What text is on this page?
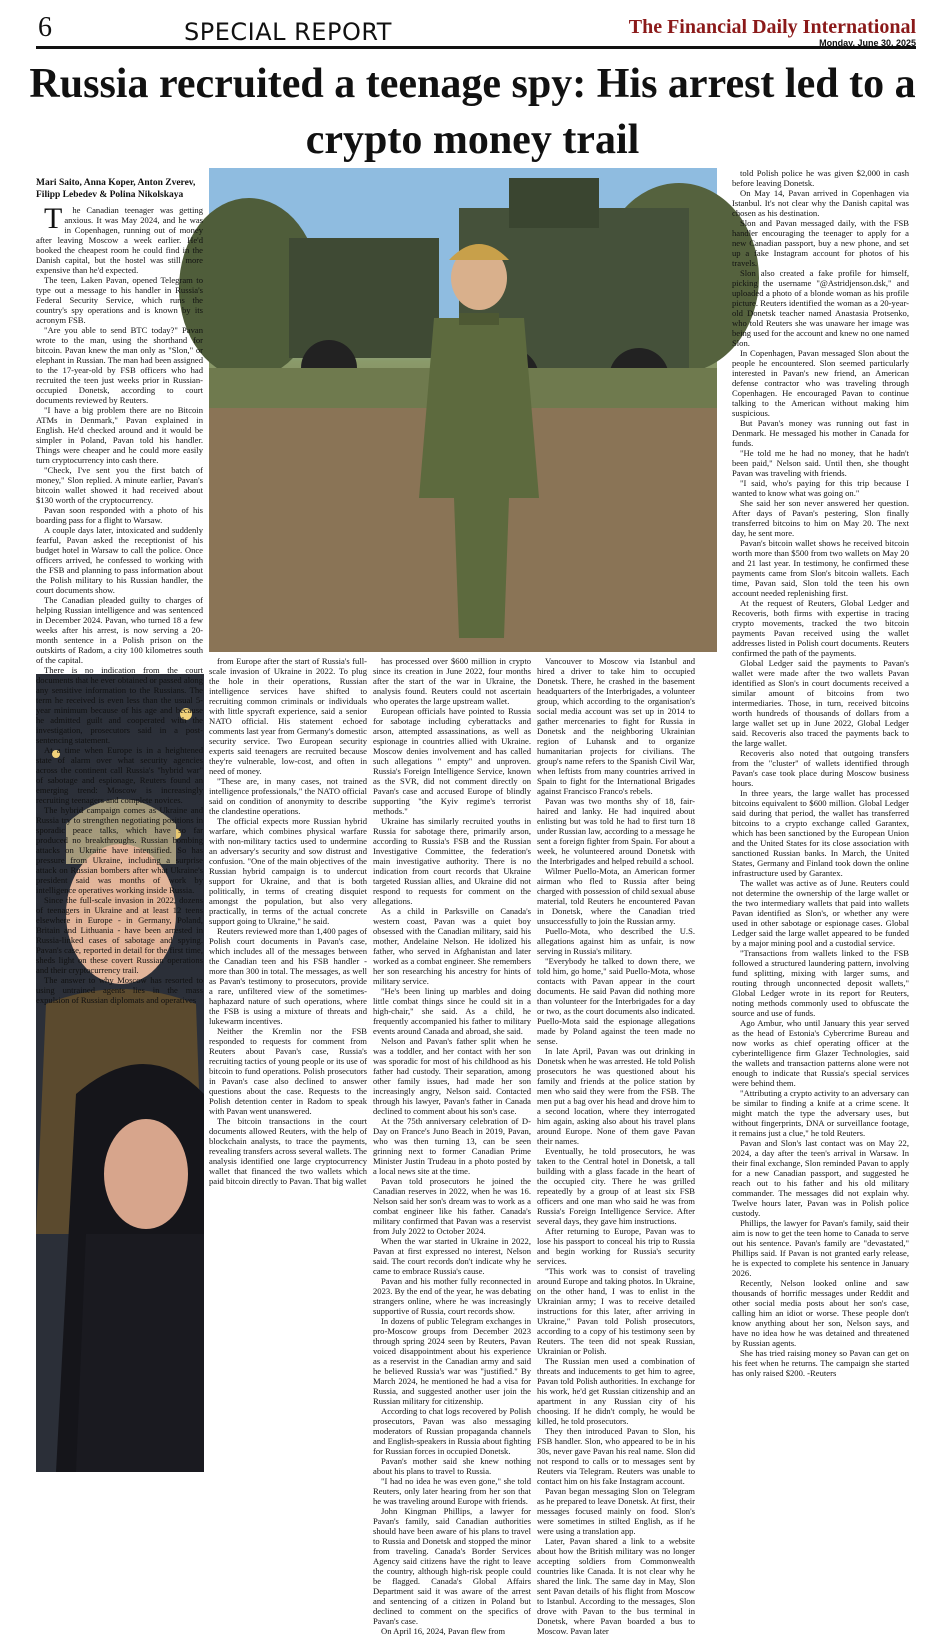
6	SPECIAL REPORT	The Financial Daily International
Monday, June 30, 2025
Russia recruited a teenage spy: His arrest led to a crypto money trail
Mari Saito, Anna Koper, Anton Zverev, Filipp Lebedev & Polina Nikolskaya

The Canadian teenager was getting anxious. It was May 2024, and he was in Copenhagen, running out of money after leaving Moscow a week earlier. He'd booked the cheapest room he could find in the Danish capital, but the hostel was still more expensive than he'd expected.

The teen, Laken Pavan, opened Telegram to type out a message to his handler in Russia's Federal Security Service, which runs the country's spy operations and is known by its acronym FSB.

"Are you able to send BTC today?" Pavan wrote to the man, using the shorthand for bitcoin. Pavan knew the man only as "Slon," or elephant in Russian. The man had been assigned to the 17-year-old by FSB officers who had recruited the teen just weeks prior in Russian-occupied Donetsk, according to court documents reviewed by Reuters.

"I have a big problem there are no Bitcoin ATMs in Denmark," Pavan explained in English. He'd checked around and it would be simpler in Poland, Pavan told his handler. Things were cheaper and he could more easily turn cryptocurrency into cash there.

"Check, I've sent you the first batch of money," Slon replied. A minute earlier, Pavan's bitcoin wallet showed it had received about $130 worth of the cryptocurrency.

Pavan soon responded with a photo of his boarding pass for a flight to Warsaw.

A couple days later, intoxicated and suddenly fearful, Pavan asked the receptionist of his budget hotel in Warsaw to call the police. Once officers arrived, he confessed to working with the FSB and planning to pass information about the Polish military to his Russian handler, the court documents show.

The Canadian pleaded guilty to charges of helping Russian intelligence and was sentenced in December 2024. Pavan, who turned 18 a few weeks after his arrest, is now serving a 20-month sentence in a Polish prison on the outskirts of Radom, a city 100 kilometres south of the capital.

There is no indication from the court documents that he ever obtained or passed along any sensitive information to the Russians. The term he received is even less than the usual 5-year minimum because of his age and because he admitted guilt and cooperated with the investigation, prosecutors said in a post-sentencing statement.

At a time when Europe is in a heightened state of alarm over what security agencies across the continent call Russia's "hybrid war" of sabotage and espionage, Reuters found an emerging trend: Moscow is increasingly recruiting teenagers and complete novices.

The hybrid campaign comes as Ukraine and Russia try to strengthen negotiating positions in sporadic peace talks, which have so far produced no breakthroughs. Russian bombing attacks on Ukraine have intensified. So has pressure from Ukraine, including a surprise attack on Russian bombers after what Ukraine's president said was months of work by intelligence operatives working inside Russia.

Since the full-scale invasion in 2022, dozens of teenagers in Ukraine and at least 12 teens elsewhere in Europe - in Germany, Poland, Britain and Lithuania - have been arrested in Russia-linked cases of sabotage and spying. Pavan's case, reported in detail for the first time, sheds light on these covert Russian operations and their cryptocurrency trail.

The answer to why Moscow has resorted to using untrained agents lies in the mass expulsion of Russian diplomats and operatives

from Europe after the start of Russia's full-scale invasion of Ukraine in 2022. To plug the hole in their operations, Russian intelligence services have shifted to recruiting common criminals or individuals with little spycraft experience, said a senior NATO official. His statement echoed comments last year from Germany's domestic security service. Two European security experts said teenagers are recruited because they're vulnerable, low-cost, and often in need of money.

"These are, in many cases, not trained intelligence professionals," the NATO official said on condition of anonymity to describe the clandestine operations.

The official expects more Russian hybrid warfare, which combines physical warfare with non-military tactics used to undermine an adversary's security and sow distrust and confusion. "One of the main objectives of the Russian hybrid campaign is to undercut support for Ukraine, and that is both politically, in terms of creating disquiet amongst the population, but also very practically, in terms of the actual concrete support going to Ukraine," he said.

Reuters reviewed more than 1,400 pages of Polish court documents in Pavan's case, which includes all of the messages between the Canadian teen and his FSB handler - more than 300 in total. The messages, as well as Pavan's testimony to prosecutors, provide a rare, unfiltered view of the sometimes-haphazard nature of such operations, where the FSB is using a mixture of threats and lukewarm incentives.

Neither the Kremlin nor the FSB responded to requests for comment from Reuters about Pavan's case, Russia's recruiting tactics of young people or its use of bitcoin to fund operations. Polish prosecutors in Pavan's case also declined to answer questions about the case. Requests to the Polish detention center in Radom to speak with Pavan went unanswered.

The bitcoin transactions in the court documents allowed Reuters, with the help of blockchain analysts, to trace the payments, revealing transfers across several wallets. The analysis identified one large cryptocurrency wallet that financed the two wallets which paid bitcoin directly to Pavan. That big wallet

has processed over $600 million in crypto since its creation in June 2022, four months after the start of the war in Ukraine, the analysis found. Reuters could not ascertain who operates the large upstream wallet.

European officials have pointed to Russia for sabotage including cyberattacks and arson, attempted assassinations, as well as espionage in countries allied with Ukraine. Moscow denies involvement and has called such allegations " empty" and unproven. Russia's Foreign Intelligence Service, known as the SVR, did not comment directly on Pavan's case and accused Europe of blindly supporting "the Kyiv regime's terrorist methods."

Ukraine has similarly recruited youths in Russia for sabotage there, primarily arson, according to Russia's FSB and the Russian Investigative Committee, the federation's main investigative authority. There is no indication from court records that Ukraine targeted Russian allies, and Ukraine did not respond to requests for comment on the allegations.

As a child in Parksville on Canada's western coast, Pavan was a quiet boy obsessed with the Canadian military, said his mother, Andelaine Nelson. He idolized his father, who served in Afghanistan and later worked as a combat engineer. She remembers her son researching his ancestry for hints of military service.

"He's been lining up marbles and doing little combat things since he could sit in a high-chair," she said. As a child, he frequently accompanied his father to military events around Canada and abroad, she said.

Nelson and Pavan's father split when he was a toddler, and her contact with her son was sporadic for most of his childhood as his father had custody. Their separation, among other family issues, had made her son increasingly angry, Nelson said. Contacted through his lawyer, Pavan's father in Canada declined to comment about his son's case.

At the 75th anniversary celebration of D-Day on France's Juno Beach in 2019, Pavan, who was then turning 13, can be seen grinning next to former Canadian Prime Minister Justin Trudeau in a photo posted by a local news site at the time.

Pavan told prosecutors he joined the Canadian reserves in 2022, when he was 16. Nelson said her son's dream was to work as a combat engineer like his father. Canada's military confirmed that Pavan was a reservist from July 2022 to October 2024.

When the war started in Ukraine in 2022, Pavan at first expressed no interest, Nelson said. The court records don't indicate why he came to embrace Russia's cause.

Pavan and his mother fully reconnected in 2023. By the end of the year, he was debating strangers online, where he was increasingly supportive of Russia, court records show.

In dozens of public Telegram exchanges in pro-Moscow groups from December 2023 through spring 2024 seen by Reuters, Pavan voiced disappointment about his experience as a reservist in the Canadian army and said he believed Russia's war was "justified." By March 2024, he mentioned he had a visa for Russia, and suggested another user join the Russian military for citizenship.

According to chat logs recovered by Polish prosecutors, Pavan was also messaging moderators of Russian propaganda channels and English-speakers in Russia about fighting for Russian forces in occupied Donetsk.

Pavan's mother said she knew nothing about his plans to travel to Russia.

"I had no idea he was even gone," she told Reuters, only later hearing from her son that he was traveling around Europe with friends.

John Kingman Phillips, a lawyer for Pavan's family, said Canadian authorities should have been aware of his plans to travel to Russia and Donetsk and stopped the minor from traveling. Canada's Border Services Agency said citizens have the right to leave the country, although high-risk people could be flagged. Canada's Global Affairs Department said it was aware of the arrest and sentencing of a citizen in Poland but declined to comment on the specifics of Pavan's case.

On April 16, 2024, Pavan flew from

Vancouver to Moscow via Istanbul and hired a driver to take him to occupied Donetsk. There, he crashed in the basement headquarters of the Interbrigades, a volunteer group, which according to the organisation's social media account was set up in 2014 to gather mercenaries to fight for Russia in Donetsk and the neighboring Ukrainian region of Luhansk and to organize humanitarian projects for civilians. The group's name refers to the Spanish Civil War, when leftists from many countries arrived in Spain to fight for the International Brigades against Francisco Franco's rebels.

Pavan was two months shy of 18, fair-haired and lanky. He had inquired about enlisting but was told he had to first turn 18 under Russian law, according to a message he sent a foreign fighter from Spain. For about a week, he volunteered around Donetsk with the Interbrigades and helped rebuild a school.

Wilmer Puello-Mota, an American former airman who fled to Russia after being charged with possession of child sexual abuse material, told Reuters he encountered Pavan in Donetsk, where the Canadian tried unsuccessfully to join the Russian army.

Puello-Mota, who described the U.S. allegations against him as unfair, is now serving in Russia's military.

"Everybody he talked to down there, we told him, go home," said Puello-Mota, whose contacts with Pavan appear in the court documents. He said Pavan did nothing more than volunteer for the Interbrigades for a day or two, as the court documents also indicated. Puello-Mota said the espionage allegations made by Poland against the teen made no sense.

In late April, Pavan was out drinking in Donetsk when he was arrested. He told Polish prosecutors he was questioned about his family and friends at the police station by men who said they were from the FSB. The men put a bag over his head and drove him to a second location, where they interrogated him again, asking also about his travel plans around Europe. None of them gave Pavan their names.

Eventually, he told prosecutors, he was taken to the Central hotel in Donetsk, a tall building with a glass facade in the heart of the occupied city. There he was grilled repeatedly by a group of at least six FSB officers and one man who said he was from Russia's Foreign Intelligence Service. After several days, they gave him instructions.

After returning to Europe, Pavan was to lose his passport to conceal his trip to Russia and begin working for Russia's security services.

"This work was to consist of traveling around Europe and taking photos. In Ukraine, on the other hand, I was to enlist in the Ukrainian army; I was to receive detailed instructions for this later, after arriving in Ukraine," Pavan told Polish prosecutors, according to a copy of his testimony seen by Reuters. The teen did not speak Russian, Ukrainian or Polish.

The Russian men used a combination of threats and inducements to get him to agree, Pavan told Polish authorities. In exchange for his work, he'd get Russian citizenship and an apartment in any Russian city of his choosing. If he didn't comply, he would be killed, he told prosecutors.

They then introduced Pavan to Slon, his FSB handler. Slon, who appeared to be in his 30s, never gave Pavan his real name. Slon did not respond to calls or to messages sent by Reuters via Telegram. Reuters was unable to contact him on his fake Instagram account.

Pavan began messaging Slon on Telegram as he prepared to leave Donetsk. At first, their messages focused mainly on food. Slon's were sometimes in stilted English, as if he were using a translation app.

Later, Pavan shared a link to a website about how the British military was no longer accepting soldiers from Commonwealth countries like Canada. It is not clear why he shared the link. The same day in May, Slon sent Pavan details of his flight from Moscow to Istanbul. According to the messages, Slon drove with Pavan to the bus terminal in Donetsk, where Pavan boarded a bus to Moscow. Pavan later

told Polish police he was given $2,000 in cash before leaving Donetsk.

On May 14, Pavan arrived in Copenhagen via Istanbul. It's not clear why the Danish capital was chosen as his destination.

Slon and Pavan messaged daily, with the FSB handler encouraging the teenager to apply for a new Canadian passport, buy a new phone, and set up a fake Instagram account for photos of his travels.

Slon also created a fake profile for himself, picking the username "@Astridjenson.dsk," and uploaded a photo of a blonde woman as his profile picture. Reuters identified the woman as a 20-year-old Donetsk teacher named Anastasia Protsenko, who told Reuters she was unaware her image was being used for the account and knew no one named Slon.

In Copenhagen, Pavan messaged Slon about the people he encountered. Slon seemed particularly interested in Pavan's new friend, an American defense contractor who was traveling through Copenhagen. He encouraged Pavan to continue talking to the American without making him suspicious.

But Pavan's money was running out fast in Denmark. He messaged his mother in Canada for funds.

"He told me he had no money, that he hadn't been paid," Nelson said. Until then, she thought Pavan was traveling with friends.

"I said, who's paying for this trip because I wanted to know what was going on."

She said her son never answered her question. After days of Pavan's pestering, Slon finally transferred bitcoins to him on May 20. The next day, he sent more.

Pavan's bitcoin wallet shows he received bitcoin worth more than $500 from two wallets on May 20 and 21 last year. In testimony, he confirmed these payments came from Slon's bitcoin wallets. Each time, Pavan said, Slon told the teen his own account needed replenishing first.

At the request of Reuters, Global Ledger and Recoveris, both firms with expertise in tracing crypto movements, tracked the two bitcoin payments Pavan received using the wallet addresses listed in Polish court documents. Reuters confirmed the path of the payments.

Global Ledger said the payments to Pavan's wallet were made after the two wallets Pavan identified as Slon's in court documents received a similar amount of bitcoins from two intermediaries. Those, in turn, received bitcoins worth hundreds of thousands of dollars from a large wallet set up in June 2022, Global Ledger said. Recoveris also traced the payments back to the large wallet.

Recoveris also noted that outgoing transfers from the "cluster" of wallets identified through Pavan's case took place during Moscow business hours.

In three years, the large wallet has processed bitcoins equivalent to $600 million. Global Ledger said during that period, the wallet has transferred bitcoins to a crypto exchange called Garantex, which has been sanctioned by the European Union and the United States for its close association with sanctioned Russian banks. In March, the United States, Germany and Finland took down the online infrastructure used by Garantex.

The wallet was active as of June. Reuters could not determine the ownership of the large wallet or the two intermediary wallets that paid into wallets Pavan identified as Slon's, or whether any were used in other sabotage or espionage cases. Global Ledger said the large wallet appeared to be funded by a major mining pool and a custodial service.

"Transactions from wallets linked to the FSB followed a structured laundering pattern, involving fund splitting, mixing with larger sums, and routing through unconnected deposit wallets," Global Ledger wrote in its report for Reuters, noting methods commonly used to obfuscate the source and use of funds.

Ago Ambur, who until January this year served as the head of Estonia's Cybercrime Bureau and now works as chief operating officer at the cyberintelligence firm Glazer Technologies, said the wallets and transaction patterns alone were not enough to indicate that Russia's special services were behind them.

"Attributing a crypto activity to an adversary can be similar to finding a knife at a crime scene. It might match the type the adversary uses, but without fingerprints, DNA or surveillance footage, it remains just a clue," he told Reuters.

Pavan and Slon's last contact was on May 22, 2024, a day after the teen's arrival in Warsaw. In their final exchange, Slon reminded Pavan to apply for a new Canadian passport, and suggested he reach out to his father and his old military commander. The messages did not explain why. Twelve hours later, Pavan was in Polish police custody.

Phillips, the lawyer for Pavan's family, said their aim is now to get the teen home to Canada to serve out his sentence. Pavan's family are "devastated," Phillips said. If Pavan is not granted early release, he is expected to complete his sentence in January 2026.

Recently, Nelson looked online and saw thousands of horrific messages under Reddit and other social media posts about her son's case, calling him an idiot or worse. These people don't know anything about her son, Nelson says, and have no idea how he was detained and threatened by Russian agents.

She has tried raising money so Pavan can get on his feet when he returns. The campaign she started has only raised $200. -Reuters
